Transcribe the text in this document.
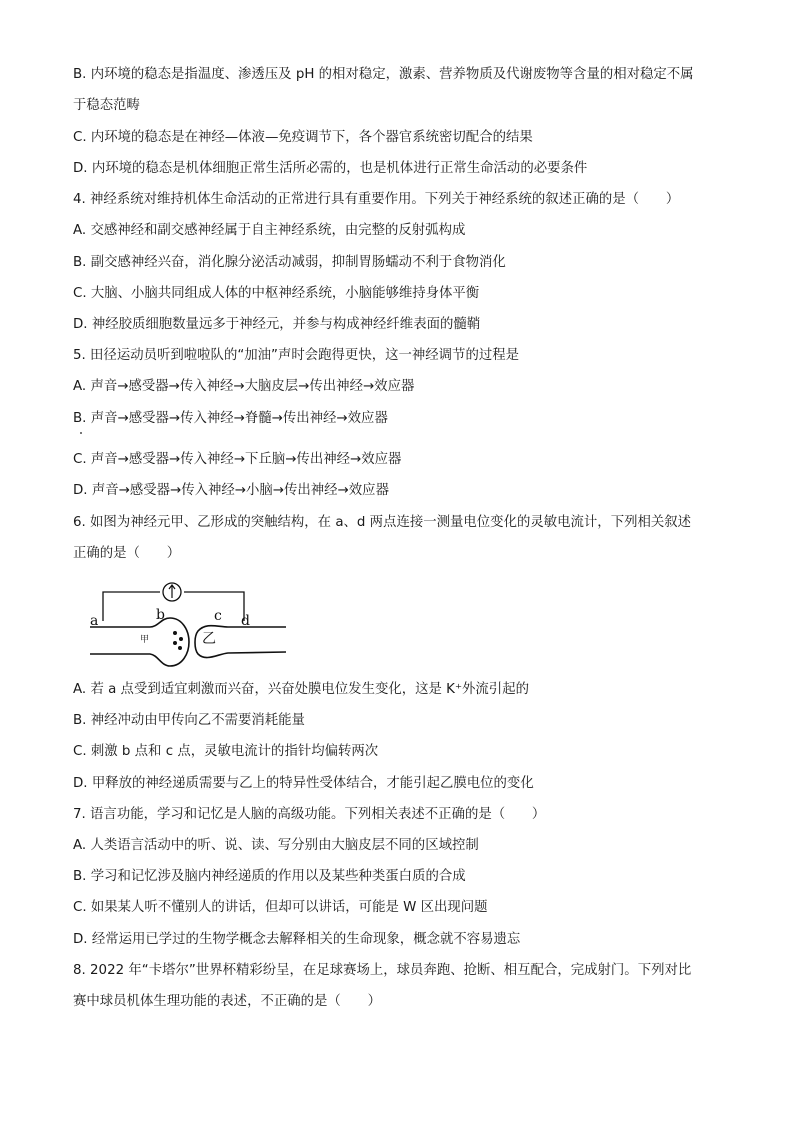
B. 内环境的稳态是指温度、渗透压及 pH 的相对稳定，激素、营养物质及代谢废物等含量的相对稳定不属
于稳态范畴
C. 内环境的稳态是在神经—体液—免疫调节下，各个器官系统密切配合的结果
D. 内环境的稳态是机体细胞正常生活所必需的，也是机体进行正常生命活动的必要条件
4. 神经系统对维持机体生命活动的正常进行具有重要作用。下列关于神经系统的叙述正确的是（　　）
A. 交感神经和副交感神经属于自主神经系统，由完整的反射弧构成
B. 副交感神经兴奋，消化腺分泌活动减弱，抑制胃肠蠕动不利于食物消化
C. 大脑、小脑共同组成人体的中枢神经系统，小脑能够维持身体平衡
D. 神经胶质细胞数量远多于神经元，并参与构成神经纤维表面的髓鞘
5. 田径运动员听到啦啦队的“加油”声时会跑得更快，这一神经调节的过程是
A. 声音→感受器→传入神经→大脑皮层→传出神经→效应器
B. 声音→感受器→传入神经→脊髓→传出神经→效应器
C. 声音→感受器→传入神经→下丘脑→传出神经→效应器
D. 声音→感受器→传入神经→小脑→传出神经→效应器
6. 如图为神经元甲、乙形成的突触结构，在 a、d 两点连接一测量电位变化的灵敏电流计，下列相关叙述
正确的是（　　）
a	b	c d
甲	乙
A. 若 a 点受到适宜刺激而兴奋，兴奋处膜电位发生变化，这是 K⁺外流引起的
B. 神经冲动由甲传向乙不需要消耗能量
C. 刺激 b 点和 c 点，灵敏电流计的指针均偏转两次
D. 甲释放的神经递质需要与乙上的特异性受体结合，才能引起乙膜电位的变化
7. 语言功能，学习和记忆是人脑的高级功能。下列相关表述不正确的是（　　）
A. 人类语言活动中的听、说、读、写分别由大脑皮层不同的区域控制
B. 学习和记忆涉及脑内神经递质的作用以及某些种类蛋白质的合成
C. 如果某人听不懂别人的讲话，但却可以讲话，可能是 W 区出现问题
D. 经常运用已学过的生物学概念去解释相关的生命现象，概念就不容易遗忘
8. 2022 年“卡塔尔”世界杯精彩纷呈，在足球赛场上，球员奔跑、抢断、相互配合，完成射门。下列对比
赛中球员机体生理功能的表述，不正确的是（　　）
